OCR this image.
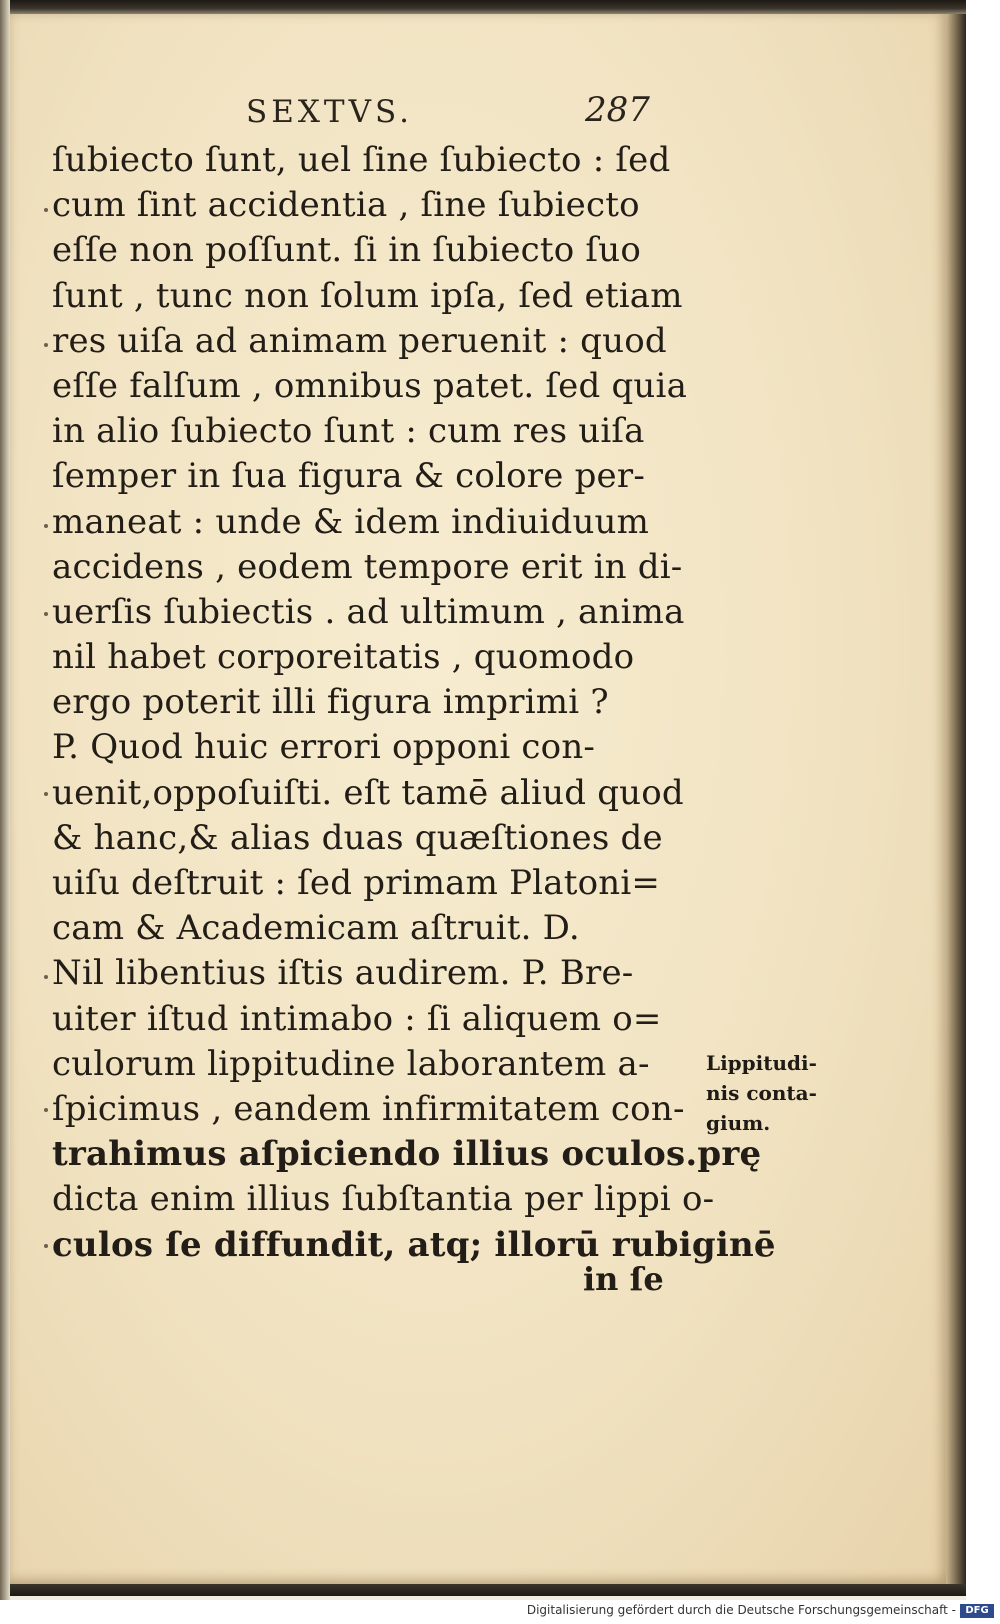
SEXTVS.	287
ſubiecto ſunt, uel ſine ſubiecto : ſed
cum ſint accidentia , ſine ſubiecto
eſſe non poſſunt. ſi in ſubiecto ſuo
ſunt , tunc non ſolum ipſa, ſed etiam
res uiſa ad animam peruenit : quod
eſſe falſum , omnibus patet. ſed quia
in alio ſubiecto ſunt : cum res uiſa
ſemper in ſua figura & colore per-
maneat : unde & idem indiuiduum
accidens , eodem tempore erit in di-
uerſis ſubiectis . ad ultimum , anima
nil habet corporeitatis , quomodo
ergo poterit illi figura imprimi ?
P. Quod huic errori opponi con-
uenit,oppoſuiſti. eſt tamē aliud quod
& hanc,& alias duas quæſtiones de
uiſu deſtruit : ſed primam Platoni=
cam & Academicam aſtruit. D.
Nil libentius iſtis audirem. P. Bre-
uiter iſtud intimabo : ſi aliquem o=
culorum lippitudine laborantem a-
ſpicimus , eandem infirmitatem con-
trahimus aſpiciendo illius oculos.prę
dicta enim illius ſubſtantia per lippi o-
culos ſe diffundit, atq; illorū rubiginē
in ſe
Lippitudi-
nis conta-
gium.
Digitalisierung gefördert durch die Deutsche Forschungsgemeinschaft - DFG
